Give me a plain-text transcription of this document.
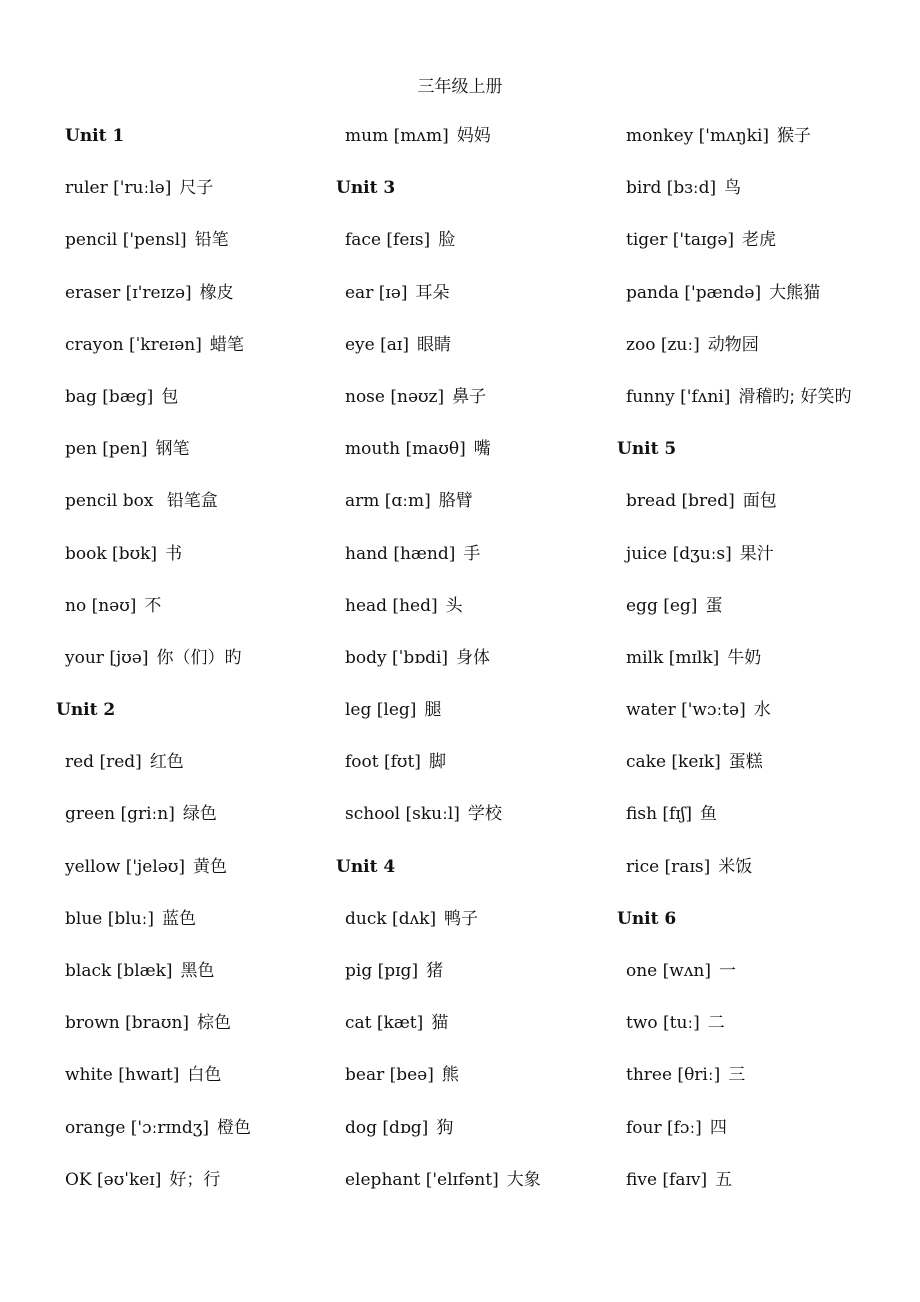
三年级上册
Unit 1
ruler ['ruːlə] 尺子
pencil ['pensl] 铅笔
eraser [ɪ'reɪzə] 橡皮
crayon [ˈkreɪən] 蜡笔
bag [bæg] 包
pen [pen] 钢笔
pencil box 铅笔盒
book [bʊk] 书
no [nəʊ] 不
your [jʊə] 你（们）旳
Unit 2
red [red] 红色
green [griːn] 绿色
yellow ['jeləʊ] 黄色
blue [bluː] 蓝色
black [blæk] 黑色
brown [braʊn] 棕色
white [hwaɪt] 白色
orange ['ɔːrɪndʒ] 橙色
OK [əʊˈkeɪ] 好；行
mum [mʌm] 妈妈
Unit 3
face [feɪs] 脸
ear [ɪə] 耳朵
eye [aɪ] 眼睛
nose [nəʊz] 鼻子
mouth [maʊθ] 嘴
arm [ɑːm] 胳臂
hand [hænd] 手
head [hed] 头
body [ˈbɒdi] 身体
leg [leg] 腿
foot [fʊt] 脚
school [skuːl] 学校
Unit 4
duck [dʌk] 鸭子
pig [pɪg] 猪
cat [kæt] 猫
bear [beə] 熊
dog [dɒg] 狗
elephant ['elɪfənt] 大象
monkey ['mʌŋki] 猴子
bird [bɜːd] 鸟
tiger ['taɪgə] 老虎
panda ['pændə] 大熊猫
zoo [zuː] 动物园
funny ['fʌni] 滑稽旳; 好笑旳
Unit 5
bread [bred] 面包
juice [dʒuːs] 果汁
egg [eg] 蛋
milk [mɪlk] 牛奶
water ['wɔːtə] 水
cake [keɪk] 蛋糕
fish [fɪʃ] 鱼
rice [raɪs] 米饭
Unit 6
one [wʌn] 一
two [tuː] 二
three [θriː] 三
four [fɔː] 四
five [faɪv] 五
